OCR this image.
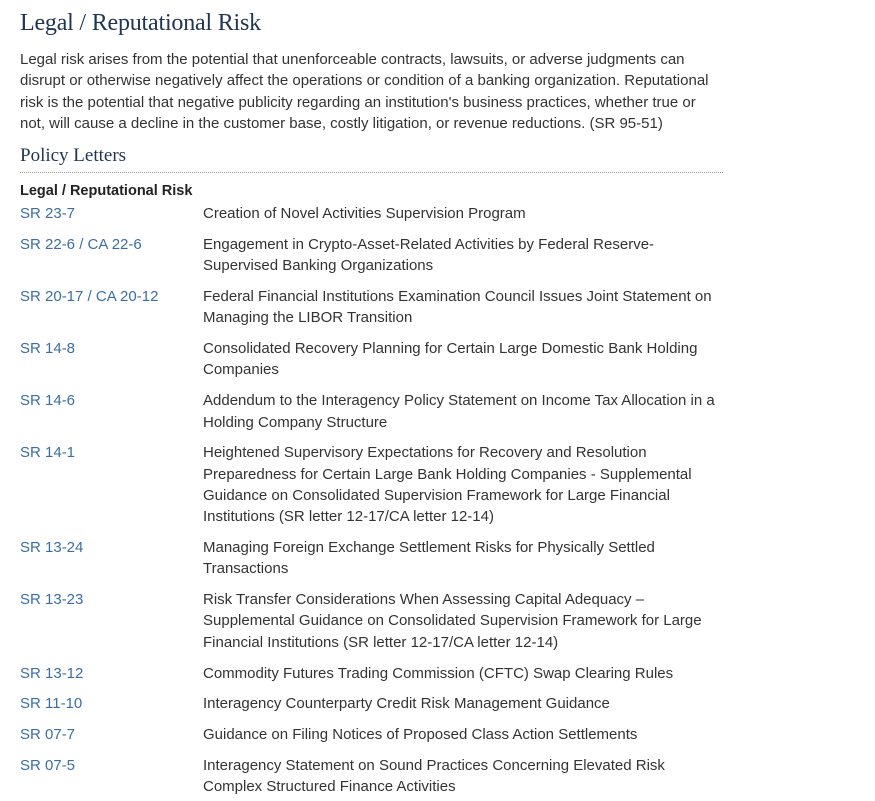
Legal / Reputational Risk

Legal risk arises from the potential that unenforceable contracts, lawsuits, or adverse judgments can disrupt or otherwise negatively affect the operations or condition of a banking organization. Reputational risk is the potential that negative publicity regarding an institution's business practices, whether true or not, will cause a decline in the customer base, costly litigation, or revenue reductions. (SR 95-51)

Policy Letters
Legal / Reputational Risk
SR 23-7	Creation of Novel Activities Supervision Program
SR 22-6 / CA 22-6	Engagement in Crypto-Asset-Related Activities by Federal Reserve-Supervised Banking Organizations
SR 20-17 / CA 20-12	Federal Financial Institutions Examination Council Issues Joint Statement on Managing the LIBOR Transition
SR 14-8	Consolidated Recovery Planning for Certain Large Domestic Bank Holding Companies
SR 14-6	Addendum to the Interagency Policy Statement on Income Tax Allocation in a Holding Company Structure
SR 14-1	Heightened Supervisory Expectations for Recovery and Resolution Preparedness for Certain Large Bank Holding Companies - Supplemental Guidance on Consolidated Supervision Framework for Large Financial Institutions (SR letter 12-17/CA letter 12-14)
SR 13-24	Managing Foreign Exchange Settlement Risks for Physically Settled Transactions
SR 13-23	Risk Transfer Considerations When Assessing Capital Adequacy – Supplemental Guidance on Consolidated Supervision Framework for Large Financial Institutions (SR letter 12-17/CA letter 12-14)
SR 13-12	Commodity Futures Trading Commission (CFTC) Swap Clearing Rules
SR 11-10	Interagency Counterparty Credit Risk Management Guidance
SR 07-7	Guidance on Filing Notices of Proposed Class Action Settlements
SR 07-5	Interagency Statement on Sound Practices Concerning Elevated Risk Complex Structured Finance Activities
